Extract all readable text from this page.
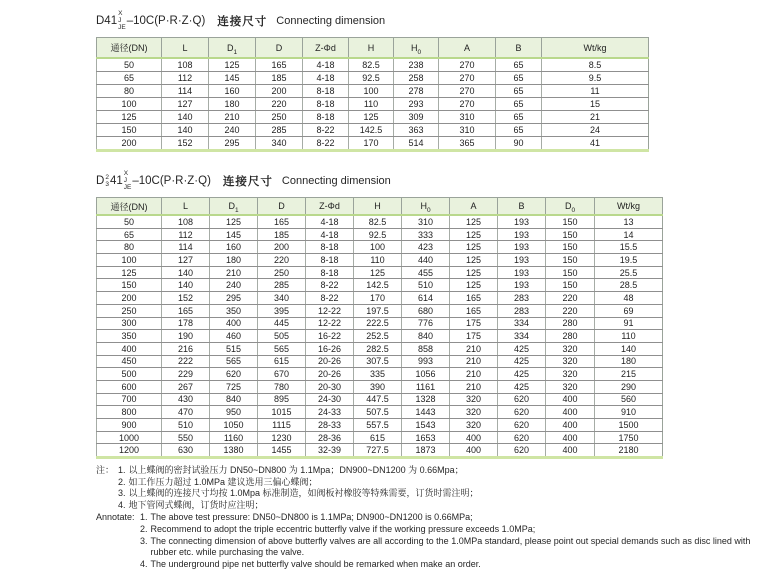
D41
X
J
JE
–10C(P·R·Z·Q) 连接尺寸 Connecting dimension
通径(DN)	L	$D_1$	D	Z-Φd	H	$H_0$	A	B	Wt/kg
50	108	125	165	4-18	82.5	238	270	65	8.5
65	112	145	185	4-18	92.5	258	270	65	9.5
80	114	160	200	8-18	100	278	270	65	11
100	127	180	220	8-18	110	293	270	65	15
125	140	210	250	8-18	125	309	310	65	21
150	140	240	285	8-22	142.5	363	310	65	24
200	152	295	340	8-22	170	514	365	90	41
D 2
3 41
X
J
JE
–10C(P·R·Z·Q) 连接尺寸 Connecting dimension
通径(DN)	L	$D_1$	D	Z-Φd	H	$H_0$	A	B	$D_0$	Wt/kg
50	108	125	165	4-18	82.5	310	125	193	150	13
65	112	145	185	4-18	92.5	333	125	193	150	14
80	114	160	200	8-18	100	423	125	193	150	15.5
100	127	180	220	8-18	110	440	125	193	150	19.5
125	140	210	250	8-18	125	455	125	193	150	25.5
150	140	240	285	8-22	142.5	510	125	193	150	28.5
200	152	295	340	8-22	170	614	165	283	220	48
250	165	350	395	12-22	197.5	680	165	283	220	69
300	178	400	445	12-22	222.5	776	175	334	280	91
350	190	460	505	16-22	252.5	840	175	334	280	110
400	216	515	565	16-26	282.5	858	210	425	320	140
450	222	565	615	20-26	307.5	993	210	425	320	180
500	229	620	670	20-26	335	1056	210	425	320	215
600	267	725	780	20-30	390	1161	210	425	320	290
700	430	840	895	24-30	447.5	1328	320	620	400	560
800	470	950	1015	24-33	507.5	1443	320	620	400	910
900	510	1050	1115	28-33	557.5	1543	320	620	400	1500
1000	550	1160	1230	28-36	615	1653	400	620	400	1750
1200	630	1380	1455	32-39	727.5	1873	400	620	400	2180
注： 1. 以上蝶阀的密封试验压力 DN50~DN800 为 1.1Mpa；DN900~DN1200 为 0.66Mpa；
2. 如工作压力超过 1.0MPa 建议选用三偏心蝶阀；
3. 以上蝶阀的连接尺寸均按 1.0Mpa 标准制造，如阀板衬橡胶等特殊需要，订货时需注明；
4. 地下管网式蝶阀，订货时应注明；
Annotate: 1. The above test pressure: DN50~DN800 is 1.1MPa; DN900~DN1200 is 0.66MPa;
2. Recommend to adopt the triple eccentric butterfly valve if the working pressure exceeds 1.0MPa;
3. The connecting dimension of above butterfly valves are all according to the 1.0MPa standard, please point out special demands such as disc lined with rubber etc. while purchasing the valve.
4. The underground pipe net butterfly valve should be remarked when make an order.
